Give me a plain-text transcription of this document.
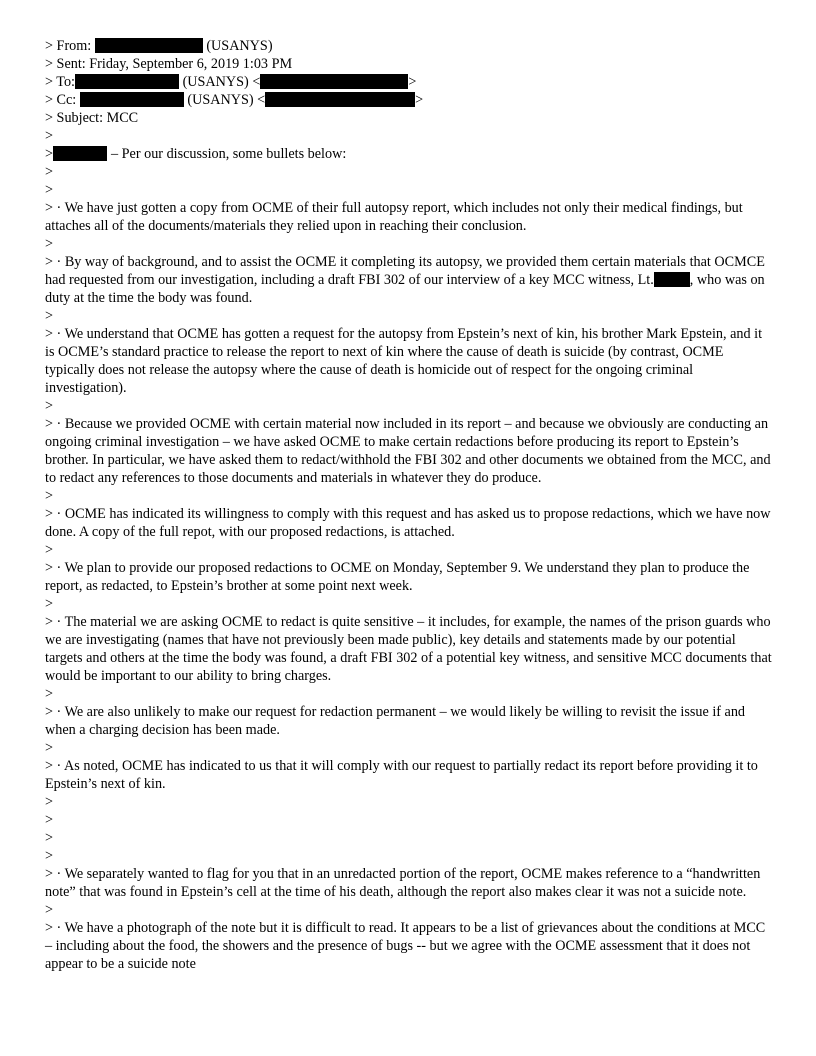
> From:	(USANYS)
> Sent: Friday, September 6, 2019 1:03 PM
> To:	(USANYS) <	>
> Cc:	(USANYS) <	>
> Subject: MCC
>
>	– Per our discussion, some bullets below:
>
>
> · We have just gotten a copy from OCME of their full autopsy report, which includes not only their medical findings, but attaches all of the documents/materials they relied upon in reaching their conclusion.
>
> · By way of background, and to assist the OCME it completing its autopsy, we provided them certain materials that OCMCE had requested from our investigation, including a draft FBI 302 of our interview of a key MCC witness, Lt.	, who was on duty at the time the body was found.
>
> · We understand that OCME has gotten a request for the autopsy from Epstein’s next of kin, his brother Mark Epstein, and it is OCME’s standard practice to release the report to next of kin where the cause of death is suicide (by contrast, OCME typically does not release the autopsy where the cause of death is homicide out of respect for the ongoing criminal investigation).
>
> · Because we provided OCME with certain material now included in its report – and because we obviously are conducting an ongoing criminal investigation – we have asked OCME to make certain redactions before producing its report to Epstein’s brother. In particular, we have asked them to redact/withhold the FBI 302 and other documents we obtained from the MCC, and to redact any references to those documents and materials in whatever they do produce.
>
> · OCME has indicated its willingness to comply with this request and has asked us to propose redactions, which we have now done. A copy of the full repot, with our proposed redactions, is attached.
>
> · We plan to provide our proposed redactions to OCME on Monday, September 9. We understand they plan to produce the report, as redacted, to Epstein’s brother at some point next week.
>
> · The material we are asking OCME to redact is quite sensitive – it includes, for example, the names of the prison guards who we are investigating (names that have not previously been made public), key details and statements made by our potential targets and others at the time the body was found, a draft FBI 302 of a potential key witness, and sensitive MCC documents that would be important to our ability to bring charges.
>
> · We are also unlikely to make our request for redaction permanent – we would likely be willing to revisit the issue if and when a charging decision has been made.
>
> · As noted, OCME has indicated to us that it will comply with our request to partially redact its report before providing it to Epstein’s next of kin.
>
>
>
>
> · We separately wanted to flag for you that in an unredacted portion of the report, OCME makes reference to a “handwritten note” that was found in Epstein’s cell at the time of his death, although the report also makes clear it was not a suicide note.
>
> · We have a photograph of the note but it is difficult to read. It appears to be a list of grievances about the conditions at MCC – including about the food, the showers and the presence of bugs -- but we agree with the OCME assessment that it does not appear to be a suicide note
